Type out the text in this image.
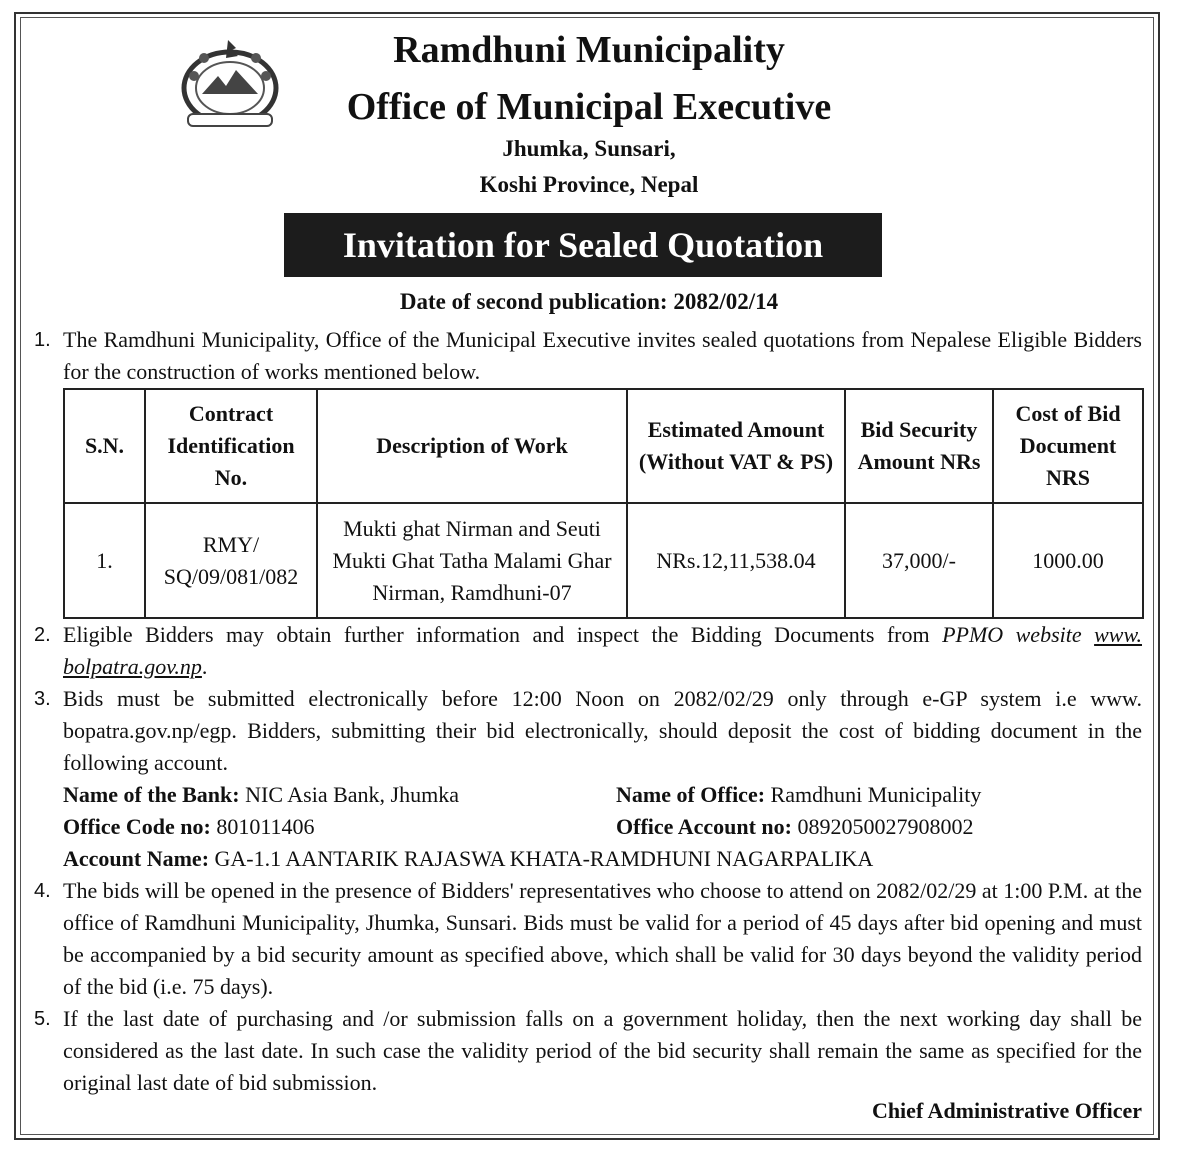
Ramdhuni Municipality
Office of Municipal Executive
Jhumka, Sunsari,
Koshi Province, Nepal
Invitation for Sealed Quotation
Date of second publication: 2082/02/14
1. The Ramdhuni Municipality, Office of the Municipal Executive invites sealed quotations from Nepalese Eligible Bidders for the construction of works mentioned below.
S.N.	Contract Identification No.	Description of Work	Estimated Amount (Without VAT & PS)	Bid Security Amount NRs	Cost of Bid Document NRS
1.	RMY/ SQ/09/081/082	Mukti ghat Nirman and Seuti Mukti Ghat Tatha Malami Ghar Nirman, Ramdhuni-07	NRs.12,11,538.04	37,000/-	1000.00
2. Eligible Bidders may obtain further information and inspect the Bidding Documents from PPMO website www. bolpatra.gov.np.
3. Bids must be submitted electronically before 12:00 Noon on 2082/02/29 only through e-GP system i.e www. bopatra.gov.np/egp. Bidders, submitting their bid electronically, should deposit the cost of bidding document in the following account.
Name of the Bank: NIC Asia Bank, Jhumka	Name of Office: Ramdhuni Municipality
Office Code no: 801011406	Office Account no: 0892050027908002
Account Name: GA-1.1 AANTARIK RAJASWA KHATA-RAMDHUNI NAGARPALIKA
4. The bids will be opened in the presence of Bidders' representatives who choose to attend on 2082/02/29 at 1:00 P.M. at the office of Ramdhuni Municipality, Jhumka, Sunsari. Bids must be valid for a period of 45 days after bid opening and must be accompanied by a bid security amount as specified above, which shall be valid for 30 days beyond the validity period of the bid (i.e. 75 days).
5. If the last date of purchasing and /or submission falls on a government holiday, then the next working day shall be considered as the last date. In such case the validity period of the bid security shall remain the same as specified for the original last date of bid submission.
Chief Administrative Officer
